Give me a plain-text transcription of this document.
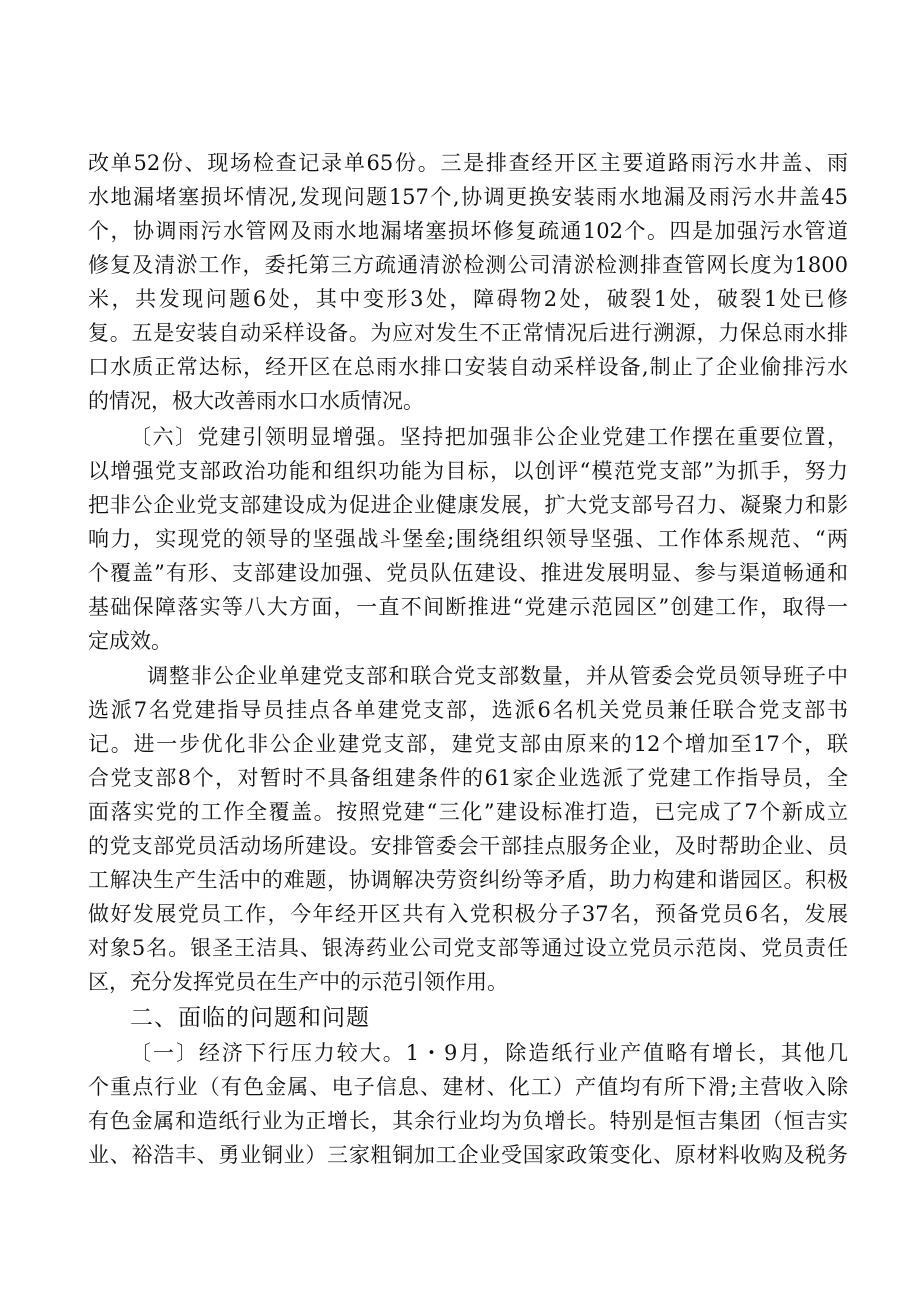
改单52份、现场检查记录单65份。三是排查经开区主要道路雨污水井盖、雨
水地漏堵塞损坏情况,发现问题157个,协调更换安装雨水地漏及雨污水井盖45
个，协调雨污水管网及雨水地漏堵塞损坏修复疏通102个。四是加强污水管道
修复及清淤工作，委托第三方疏通清淤检测公司清淤检测排查管网长度为1800
米，共发现问题6处，其中变形3处，障碍物2处，破裂1处，破裂1处已修
复。五是安装自动采样设备。为应对发生不正常情况后进行溯源，力保总雨水排
口水质正常达标，经开区在总雨水排口安装自动采样设备,制止了企业偷排污水
的情况，极大改善雨水口水质情况。
〔六〕党建引领明显增强。坚持把加强非公企业党建工作摆在重要位置，
以增强党支部政治功能和组织功能为目标，以创评“模范党支部”为抓手，努力
把非公企业党支部建设成为促进企业健康发展，扩大党支部号召力、凝聚力和影
响力，实现党的领导的坚强战斗堡垒;围绕组织领导坚强、工作体系规范、“两
个覆盖”有形、支部建设加强、党员队伍建设、推进发展明显、参与渠道畅通和
基础保障落实等八大方面，一直不间断推进“党建示范园区”创建工作，取得一
定成效。
调整非公企业单建党支部和联合党支部数量，并从管委会党员领导班子中
选派7名党建指导员挂点各单建党支部，选派6名机关党员兼任联合党支部书
记。进一步优化非公企业建党支部，建党支部由原来的12个增加至17个，联
合党支部8个，对暂时不具备组建条件的61家企业选派了党建工作指导员，全
面落实党的工作全覆盖。按照党建“三化”建设标准打造，已完成了7个新成立
的党支部党员活动场所建设。安排管委会干部挂点服务企业，及时帮助企业、员
工解决生产生活中的难题，协调解决劳资纠纷等矛盾，助力构建和谐园区。积极
做好发展党员工作，今年经开区共有入党积极分子37名，预备党员6名，发展
对象5名。银圣王洁具、银涛药业公司党支部等通过设立党员示范岗、党员责任
区，充分发挥党员在生产中的示范引领作用。
二、面临的问题和问题
〔一〕经济下行压力较大。1・9月，除造纸行业产值略有增长，其他几
个重点行业（有色金属、电子信息、建材、化工）产值均有所下滑;主营收入除
有色金属和造纸行业为正增长，其余行业均为负增长。特别是恒吉集团（恒吉实
业、裕浩丰、勇业铜业）三家粗铜加工企业受国家政策变化、原材料收购及税务
